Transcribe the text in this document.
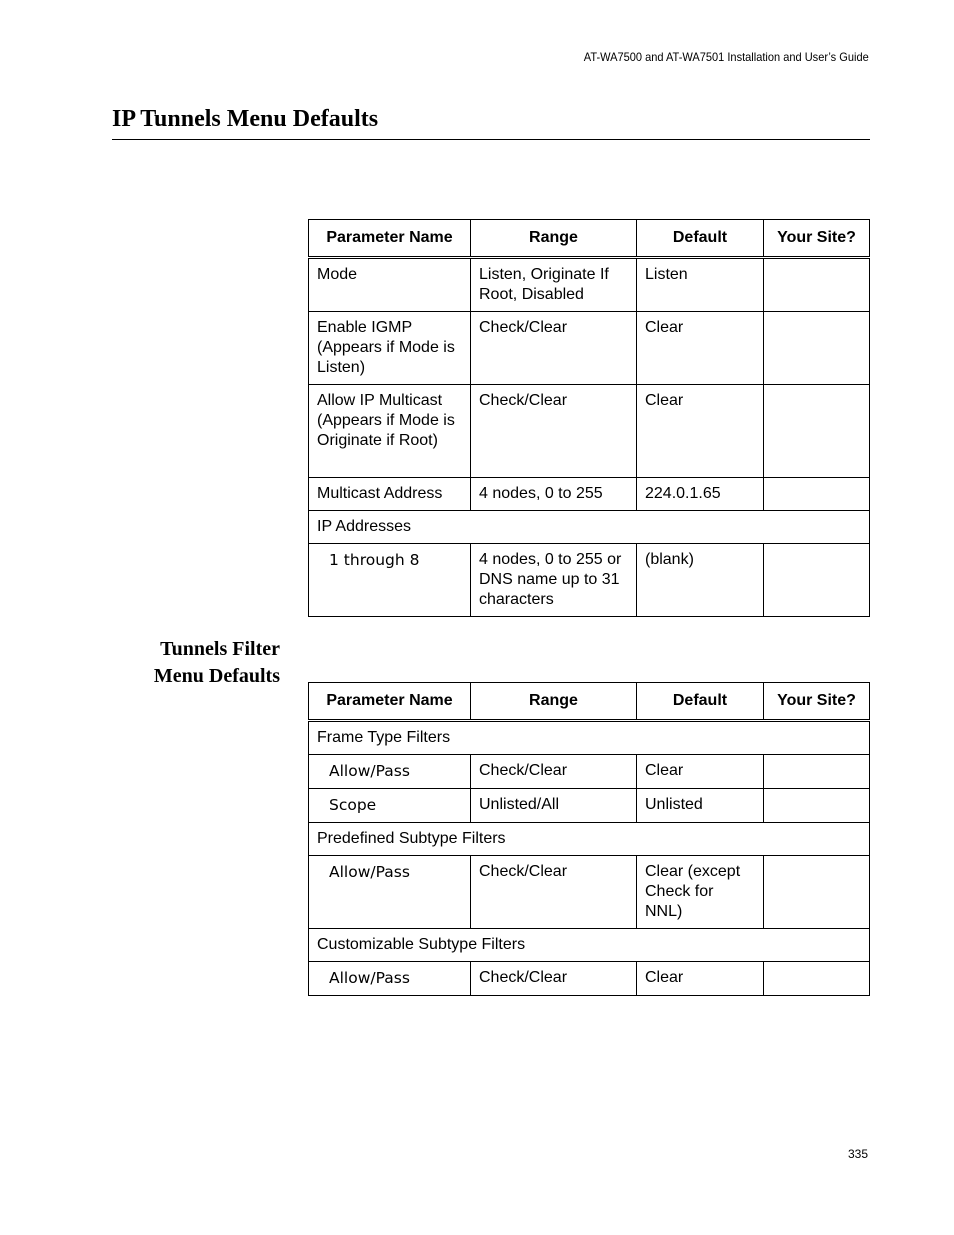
AT-WA7500 and AT-WA7501 Installation and User’s Guide
IP Tunnels Menu Defaults
Parameter Name	Range	Default	Your Site?
Mode	Listen, Originate If Root, Disabled	Listen	
Enable IGMP (Appears if Mode is Listen)	Check/Clear	Clear	
Allow IP Multicast (Appears if Mode is Originate if Root)	Check/Clear	Clear	
Multicast Address	4 nodes, 0 to 255	224.0.1.65	
IP Addresses			
1 through 8	4 nodes, 0 to 255 or DNS name up to 31 characters	(blank)	
Tunnels Filter
Menu Defaults
Parameter Name	Range	Default	Your Site?
Frame Type Filters			
Allow/Pass	Check/Clear	Clear	
Scope	Unlisted/All	Unlisted	
Predefined Subtype Filters			
Allow/Pass	Check/Clear	Clear (except Check for NNL)	
Customizable Subtype Filters			
Allow/Pass	Check/Clear	Clear	
335
